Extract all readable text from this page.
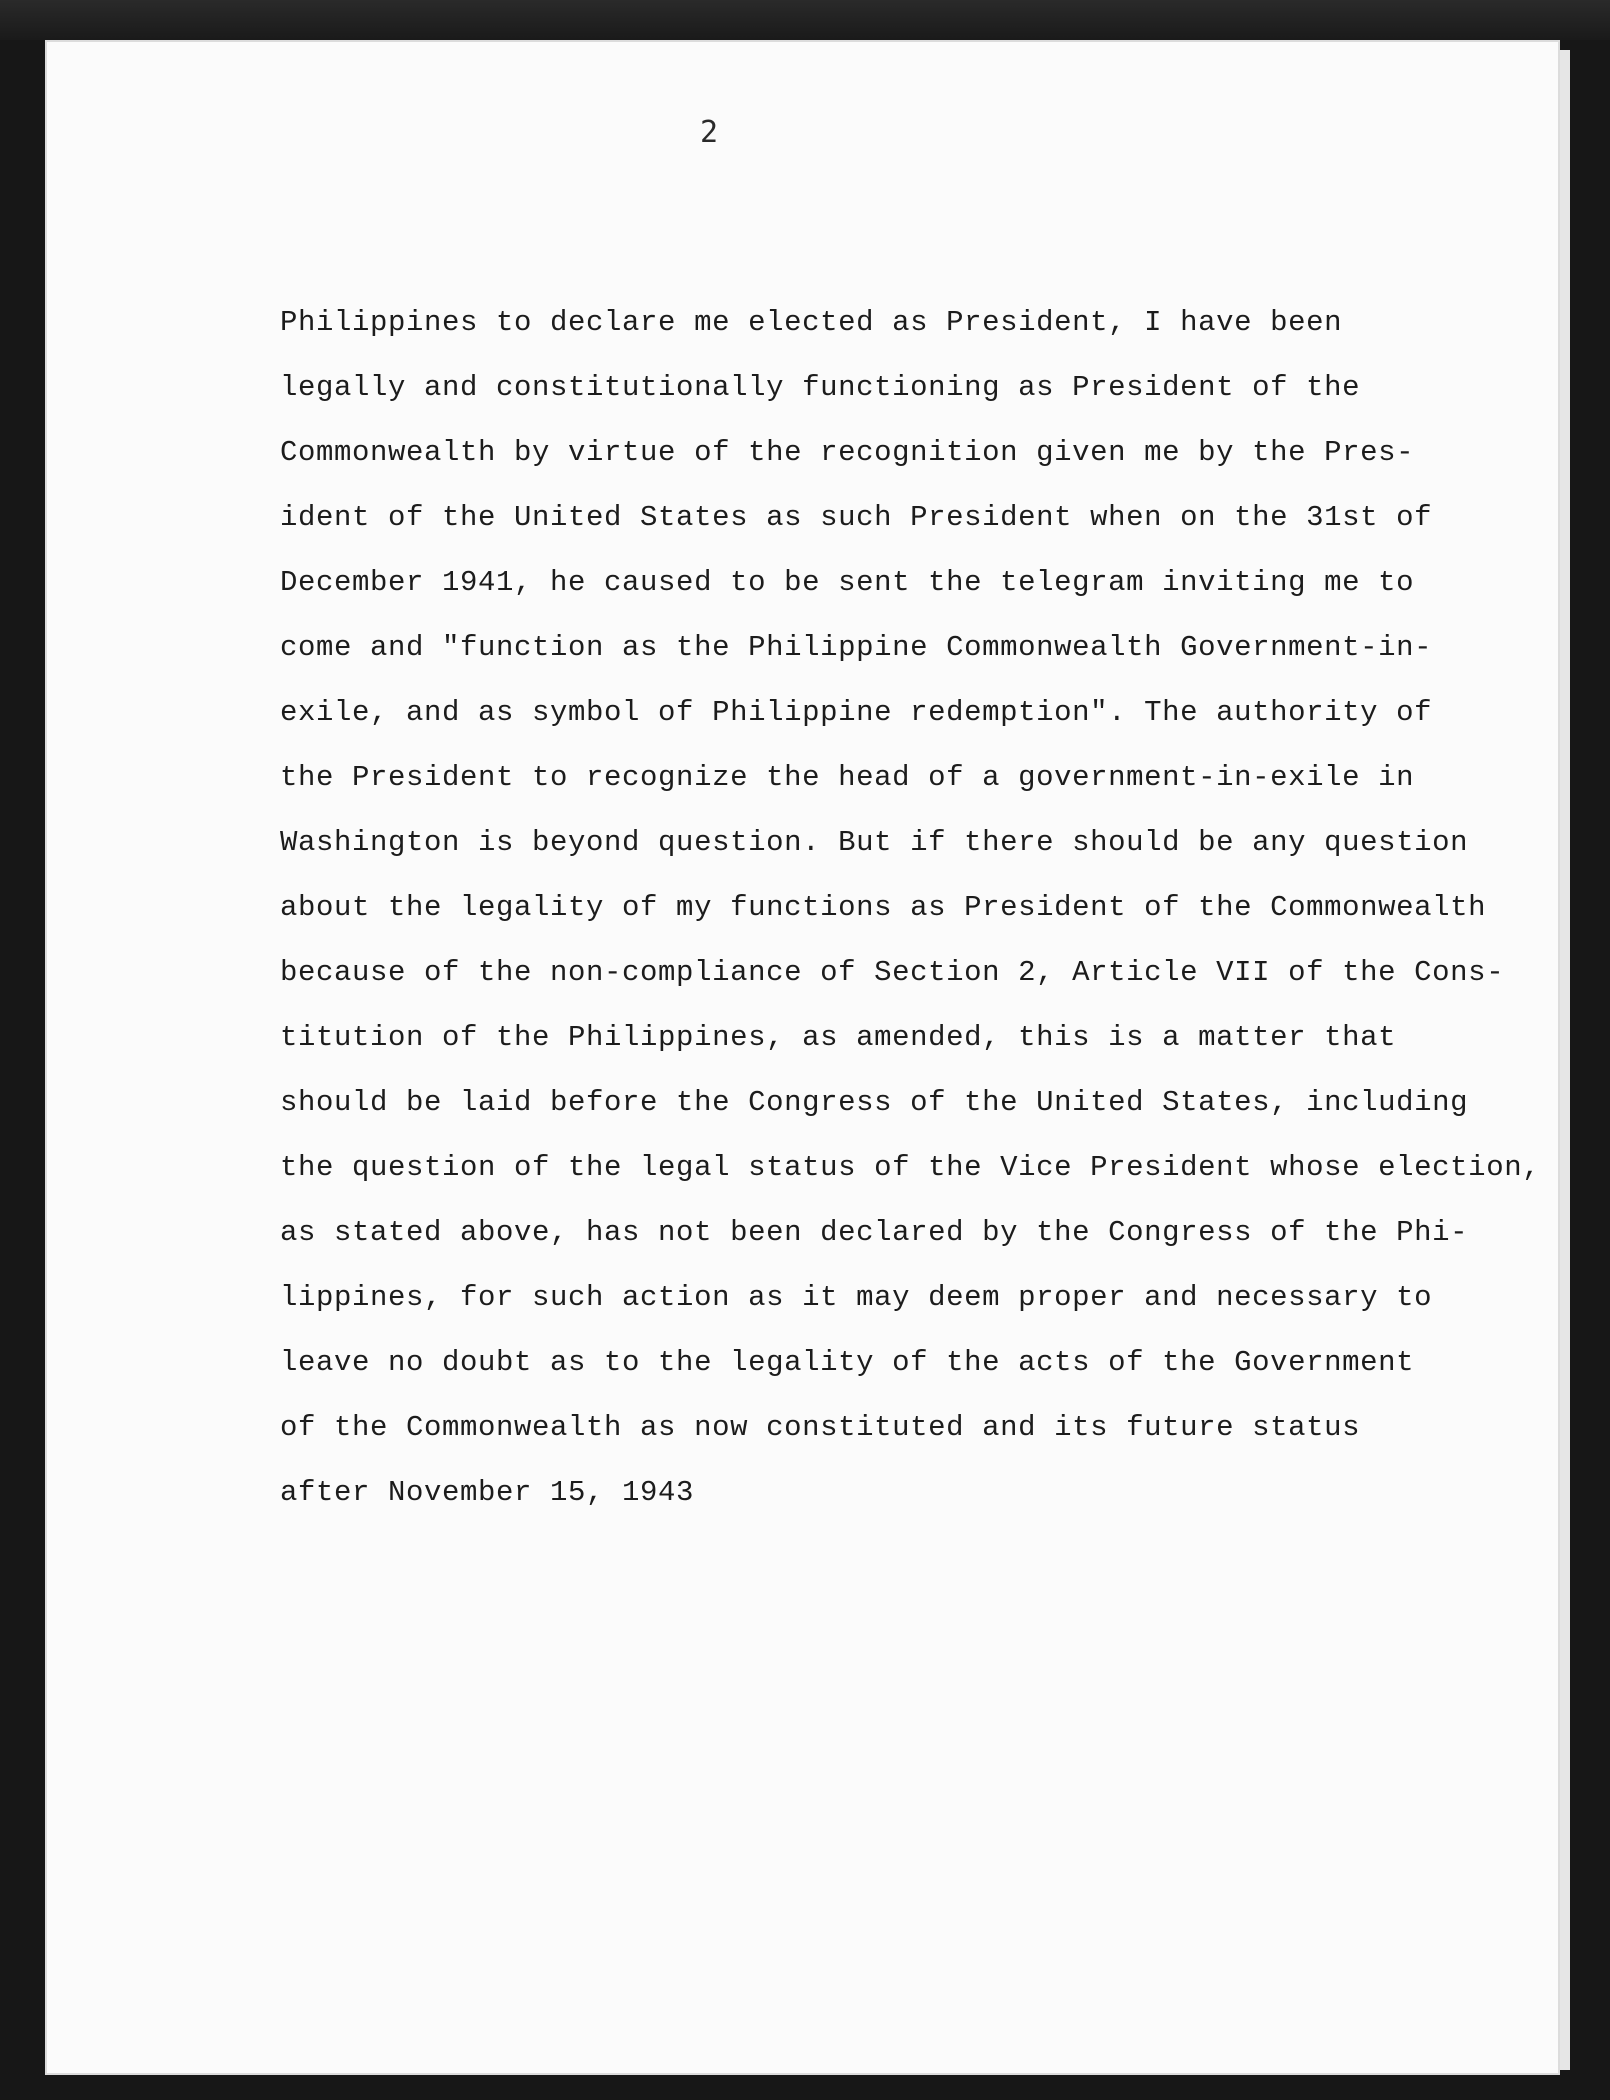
2
Philippines to declare me elected as President, I have been
legally and constitutionally functioning as President of the
Commonwealth by virtue of the recognition given me by the Pres-
ident of the United States as such President when on the 31st of
December 1941, he caused to be sent the telegram inviting me to
come and "function as the Philippine Commonwealth Government-in-
exile, and as symbol of Philippine redemption". The authority of
the President to recognize the head of a government-in-exile in
Washington is beyond question. But if there should be any question
about the legality of my functions as President of the Commonwealth
because of the non-compliance of Section 2, Article VII of the Cons-
titution of the Philippines, as amended, this is a matter that
should be laid before the Congress of the United States, including
the question of the legal status of the Vice President whose election,
as stated above, has not been declared by the Congress of the Phi-
lippines, for such action as it may deem proper and necessary to
leave no doubt as to the legality of the acts of the Government
of the Commonwealth as now constituted and its future status
after November 15, 1943
